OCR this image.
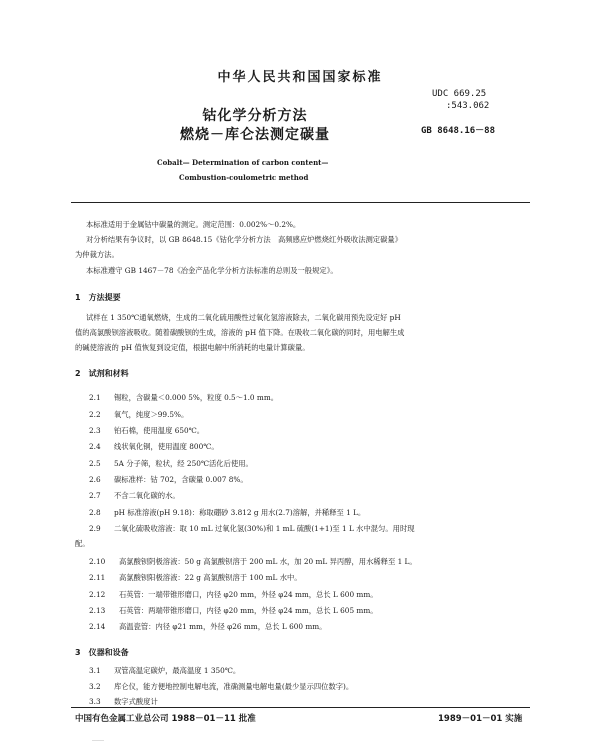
中华人民共和国国家标准
UDC 669.25
:543.062
GB 8648.16－88
钴化学分析方法
燃烧－库仑法测定碳量
Cobalt— Determination of carbon content—
Combustion-coulometric method
本标准适用于金属钴中碳量的测定。测定范围：0.002%～0.2%。
对分析结果有争议时，以 GB 8648.15《钴化学分析方法　高频感应炉燃烧红外吸收法测定碳量》
为仲裁方法。
本标准遵守 GB 1467－78《冶金产品化学分析方法标准的总则及一般规定》。
1　方法提要
试样在 1 350℃通氧燃烧，生成的二氧化硫用酸性过氧化氢溶液除去，二氧化碳用预先设定好 pH
值的高氯酸钡溶液吸收。随着碳酸钡的生成，溶液的 pH 值下降。在吸收二氧化碳的同时，用电解生成
的碱使溶液的 pH 值恢复到设定值，根据电解中所消耗的电量计算碳量。
2　试剂和材料
2.1 锡粒，含碳量＜0.000 5%，粒度 0.5～1.0 mm。
2.2 氧气，纯度＞99.5%。
2.3 铂石棉，使用温度 650℃。
2.4 线状氧化铜，使用温度 800℃。
2.5 5A 分子筛，粒状，经 250℃活化后使用。
2.6 碳标准样：钴 702，含碳量 0.007 8%。
2.7 不含二氧化碳的水。
2.8 pH 标准溶液(pH 9.18)：称取硼砂 3.812 g 用水(2.7)溶解，并稀释至 1 L。
2.9 二氧化硫吸收溶液：取 10 mL 过氧化氢(30%)和 1 mL 硫酸(1+1)至 1 L 水中混匀。用时现
配。
2.10 高氯酸钡阴极溶液：50 g 高氯酸钡溶于 200 mL 水，加 20 mL 异丙醇，用水稀释至 1 L。
2.11 高氯酸钡阳极溶液：22 g 高氯酸钡溶于 100 mL 水中。
2.12 石英管：一端带锥形磨口，内径 φ20 mm，外径 φ24 mm，总长 L 600 mm。
2.13 石英管：两端带锥形磨口，内径 φ20 mm，外径 φ24 mm，总长 L 605 mm。
2.14 高温瓷管：内径 φ21 mm，外径 φ26 mm，总长 L 600 mm。
3　仪器和设备
3.1 双管高温定碳炉，最高温度 1 350℃。
3.2 库仑仪，能方便地控制电解电流，准确测量电解电量(最少显示四位数字)。
3.3 数字式酸度计
中国有色金属工业总公司 1988－01－11 批准	1989－01－01 实施
……
